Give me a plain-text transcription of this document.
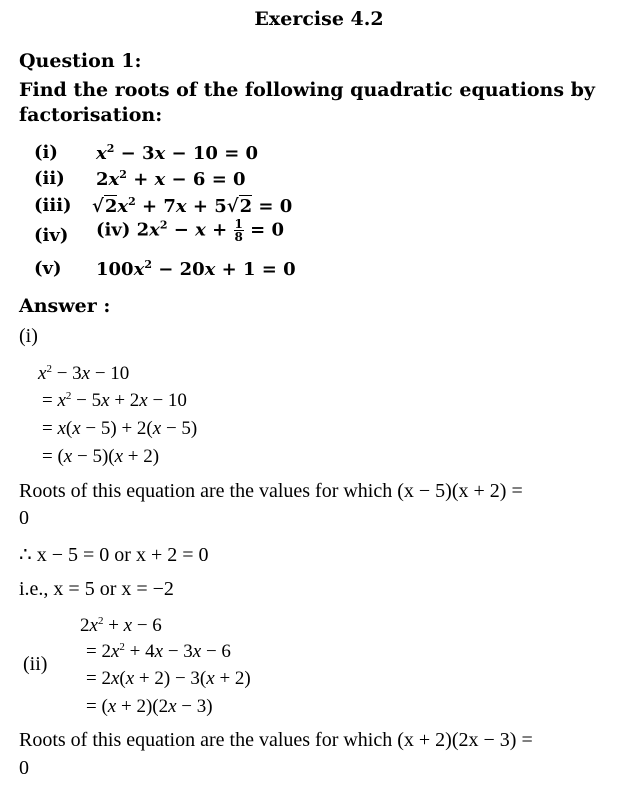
Exercise 4.2
Question 1:
Find the roots of the following quadratic equations by factorisation:
(i) $x^2 - 3x - 10 = 0$
(ii) $2x^2 + x - 6 = 0$
(iii) $√2x^2 + 7x + 5√2 = 0$
(iv) (iv) $2x^2 - x + \frac{1}{8} = 0$
(v) $100x^2 - 20x + 1 = 0$
Answer :
(i)
$x^2 - 3x - 10$
= $x^2 - 5x + 2x - 10$
= x(x − 5) + 2(x − 5)
= (x − 5)(x + 2)
Roots of this equation are the values for which (x − 5)(x + 2) =
0
∴ x − 5 = 0 or x + 2 = 0
i.e., x = 5 or x = −2
$2x^2 + x - 6$
(ii)
= $2x^2 + 4x - 3x - 6$
= 2x(x + 2) − 3(x + 2)
= (x + 2)(2x − 3)
Roots of this equation are the values for which (x + 2)(2x − 3) =
0
